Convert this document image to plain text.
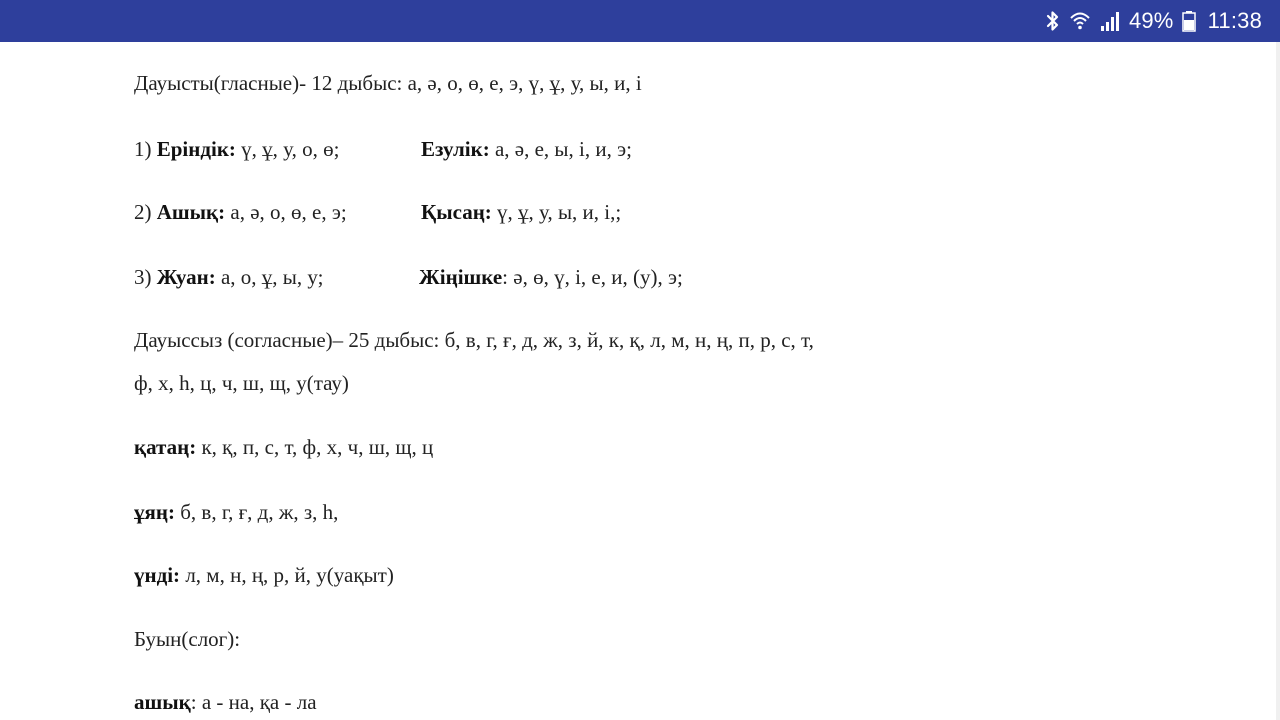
49% 11:38
Дауысты(гласные)- 12 дыбыс: а, ә, о, ө, е, э, ү, ұ, у, ы, и, і
1) Еріндік: ү, ұ, у, о, ө;	Езулік: а, ә, е, ы, і, и, э;
2) Ашық: а, ә, о, ө, е, э;	Қысаң: ү, ұ, у, ы, и, і,;
3) Жуан: а, о, ұ, ы, у;	Жіңішке: ә, ө, ү, і, е, и, (у), э;
Дауыссыз (согласные)– 25 дыбыс: б, в, г, ғ, д, ж, з, й, к, қ, л, м, н, ң, п, р, с, т,
ф, х, һ, ц, ч, ш, щ, у(тау)
қатаң: к, қ, п, с, т, ф, х, ч, ш, щ, ц
ұяң: б, в, г, ғ, д, ж, з, һ,
үнді: л, м, н, ң, р, й, у(уақыт)
Буын(слог):
ашық: а - на, қа - ла
